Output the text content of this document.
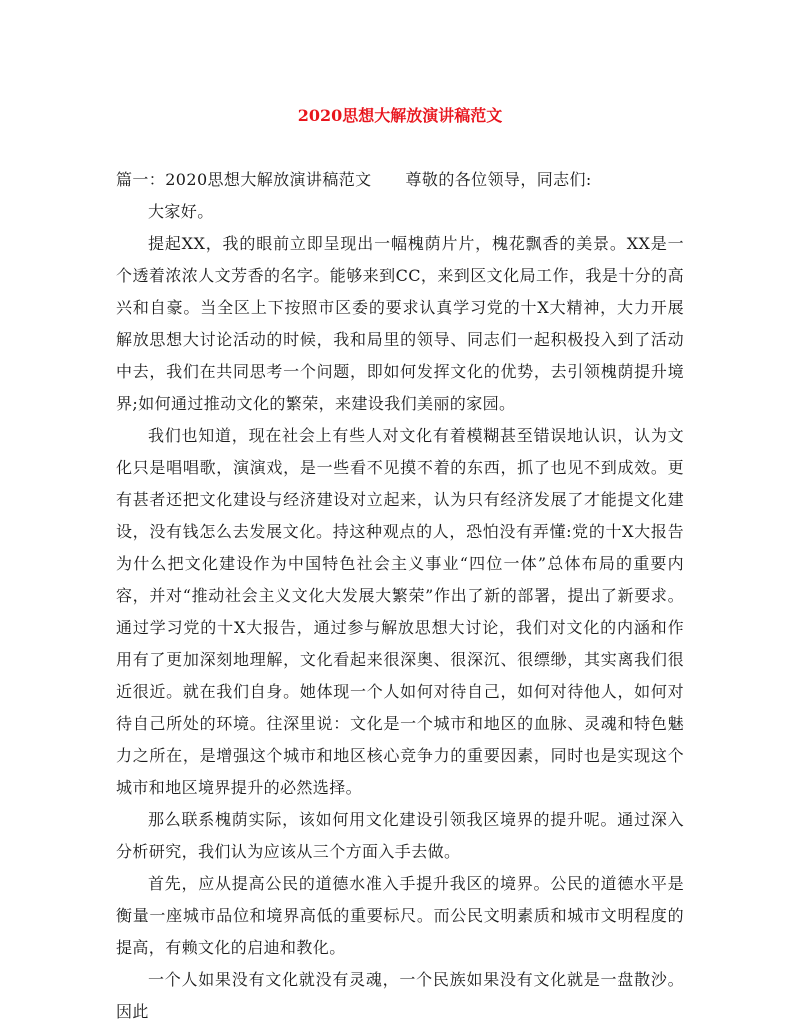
2020思想大解放演讲稿范文

篇一：2020思想大解放演讲稿范文 尊敬的各位领导，同志们:

大家好。

提起XX，我的眼前立即呈现出一幅槐荫片片，槐花飘香的美景。XX是一个透着浓浓人文芳香的名字。能够来到CC，来到区文化局工作，我是十分的高兴和自豪。当全区上下按照市区委的要求认真学习党的十X大精神，大力开展解放思想大讨论活动的时候，我和局里的领导、同志们一起积极投入到了活动中去，我们在共同思考一个问题，即如何发挥文化的优势，去引领槐荫提升境界;如何通过推动文化的繁荣，来建设我们美丽的家园。

我们也知道，现在社会上有些人对文化有着模糊甚至错误地认识，认为文化只是唱唱歌，演演戏，是一些看不见摸不着的东西，抓了也见不到成效。更有甚者还把文化建设与经济建设对立起来，认为只有经济发展了才能提文化建设，没有钱怎么去发展文化。持这种观点的人，恐怕没有弄懂:党的十X大报告为什么把文化建设作为中国特色社会主义事业“四位一体”总体布局的重要内容，并对“推动社会主义文化大发展大繁荣”作出了新的部署，提出了新要求。通过学习党的十X大报告，通过参与解放思想大讨论，我们对文化的内涵和作用有了更加深刻地理解，文化看起来很深奥、很深沉、很缥缈，其实离我们很近很近。就在我们自身。她体现一个人如何对待自己，如何对待他人，如何对待自己所处的环境。往深里说：文化是一个城市和地区的血脉、灵魂和特色魅力之所在，是增强这个城市和地区核心竞争力的重要因素，同时也是实现这个城市和地区境界提升的必然选择。

那么联系槐荫实际，该如何用文化建设引领我区境界的提升呢。通过深入分析研究，我们认为应该从三个方面入手去做。

首先，应从提高公民的道德水准入手提升我区的境界。公民的道德水平是衡量一座城市品位和境界高低的重要标尺。而公民文明素质和城市文明程度的提高，有赖文化的启迪和教化。

一个人如果没有文化就没有灵魂，一个民族如果没有文化就是一盘散沙。因此
